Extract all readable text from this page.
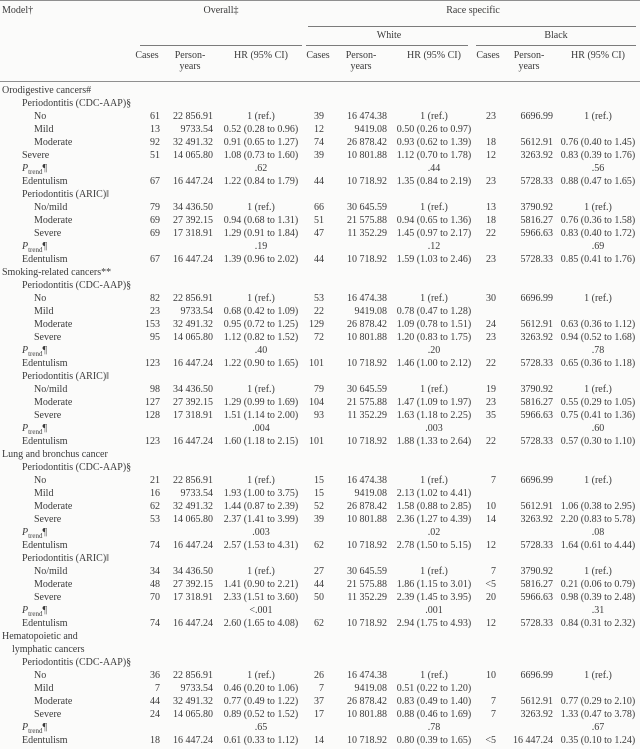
Model†	Overall‡	Race specific
White	Black
Cases	Person-years
HR (95% CI)	Cases	Person-years
HR (95% CI)	Cases	Person-years
HR (95% CI)
Orodigestive cancers#									
Periodontitis (CDC-AAP)§									
No	61	22 856.91	1 (ref.)	39	16 474.38	1 (ref.)	23	6696.99	1 (ref.)
Mild	13	9733.54	0.52 (0.28 to 0.96)	12	9419.08	0.50 (0.26 to 0.97)			
Moderate	92	32 491.32	0.91 (0.65 to 1.27)	74	26 878.42	0.93 (0.62 to 1.39)	18	5612.91	0.76 (0.40 to 1.45)
Severe	51	14 065.80	1.08 (0.73 to 1.60)	39	10 801.88	1.12 (0.70 to 1.78)	12	3263.92	0.83 (0.39 to 1.76)
$P_{trend}\P$			.62			.44			.56
Edentulism	67	16 447.24	1.22 (0.84 to 1.79)	44	10 718.92	1.35 (0.84 to 2.19)	23	5728.33	0.88 (0.47 to 1.65)
Periodontitis (ARIC)‖									
No/mild	79	34 436.50	1 (ref.)	66	30 645.59	1 (ref.)	13	3790.92	1 (ref.)
Moderate	69	27 392.15	0.94 (0.68 to 1.31)	51	21 575.88	0.94 (0.65 to 1.36)	18	5816.27	0.76 (0.36 to 1.58)
Severe	69	17 318.91	1.29 (0.91 to 1.84)	47	11 352.29	1.45 (0.97 to 2.17)	22	5966.63	0.83 (0.40 to 1.72)
$P_{trend}\P$			.19			.12			.69
Edentulism	67	16 447.24	1.39 (0.96 to 2.02)	44	10 718.92	1.59 (1.03 to 2.46)	23	5728.33	0.85 (0.41 to 1.76)
Smoking-related cancers**									
Periodontitis (CDC-AAP)§									
No	82	22 856.91	1 (ref.)	53	16 474.38	1 (ref.)	30	6696.99	1 (ref.)
Mild	23	9733.54	0.68 (0.42 to 1.09)	22	9419.08	0.78 (0.47 to 1.28)			
Moderate	153	32 491.32	0.95 (0.72 to 1.25)	129	26 878.42	1.09 (0.78 to 1.51)	24	5612.91	0.63 (0.36 to 1.12)
Severe	95	14 065.80	1.12 (0.82 to 1.52)	72	10 801.88	1.20 (0.83 to 1.75)	23	3263.92	0.94 (0.52 to 1.68)
$P_{trend}\P$			.40			.20			.78
Edentulism	123	16 447.24	1.22 (0.90 to 1.65)	101	10 718.92	1.46 (1.00 to 2.12)	22	5728.33	0.65 (0.36 to 1.18)
Periodontitis (ARIC)‖									
No/mild	98	34 436.50	1 (ref.)	79	30 645.59	1 (ref.)	19	3790.92	1 (ref.)
Moderate	127	27 392.15	1.29 (0.99 to 1.69)	104	21 575.88	1.47 (1.09 to 1.97)	23	5816.27	0.55 (0.29 to 1.05)
Severe	128	17 318.91	1.51 (1.14 to 2.00)	93	11 352.29	1.63 (1.18 to 2.25)	35	5966.63	0.75 (0.41 to 1.36)
$P_{trend}\P$			.004			.003			.60
Edentulism	123	16 447.24	1.60 (1.18 to 2.15)	101	10 718.92	1.88 (1.33 to 2.64)	22	5728.33	0.57 (0.30 to 1.10)
Lung and bronchus cancer									
Periodontitis (CDC-AAP)§									
No	21	22 856.91	1 (ref.)	15	16 474.38	1 (ref.)	7	6696.99	1 (ref.)
Mild	16	9733.54	1.93 (1.00 to 3.75)	15	9419.08	2.13 (1.02 to 4.41)			
Moderate	62	32 491.32	1.44 (0.87 to 2.39)	52	26 878.42	1.58 (0.88 to 2.85)	10	5612.91	1.06 (0.38 to 2.95)
Severe	53	14 065.80	2.37 (1.41 to 3.99)	39	10 801.88	2.36 (1.27 to 4.39)	14	3263.92	2.20 (0.83 to 5.78)
$P_{trend}\P$			.003			.02			.08
Edentulism	74	16 447.24	2.57 (1.53 to 4.31)	62	10 718.92	2.78 (1.50 to 5.15)	12	5728.33	1.64 (0.61 to 4.44)
Periodontitis (ARIC)‖									
No/mild	34	34 436.50	1 (ref.)	27	30 645.59	1 (ref.)	7	3790.92	1 (ref.)
Moderate	48	27 392.15	1.41 (0.90 to 2.21)	44	21 575.88	1.86 (1.15 to 3.01)	<5	5816.27	0.21 (0.06 to 0.79)
Severe	70	17 318.91	2.33 (1.51 to 3.60)	50	11 352.29	2.39 (1.45 to 3.95)	20	5966.63	0.98 (0.39 to 2.48)
$P_{trend}\P$			<.001			.001			.31
Edentulism	74	16 447.24	2.60 (1.65 to 4.08)	62	10 718.92	2.94 (1.75 to 4.93)	12	5728.33	0.84 (0.31 to 2.32)
Hematopoietic and									
lymphatic cancers									
Periodontitis (CDC-AAP)§									
No	36	22 856.91	1 (ref.)	26	16 474.38	1 (ref.)	10	6696.99	1 (ref.)
Mild	7	9733.54	0.46 (0.20 to 1.06)	7	9419.08	0.51 (0.22 to 1.20)			
Moderate	44	32 491.32	0.77 (0.49 to 1.22)	37	26 878.42	0.83 (0.49 to 1.40)	7	5612.91	0.77 (0.29 to 2.10)
Severe	24	14 065.80	0.89 (0.52 to 1.52)	17	10 801.88	0.88 (0.46 to 1.69)	7	3263.92	1.33 (0.47 to 3.78)
$P_{trend}\P$			.65			.78			.67
Edentulism	18	16 447.24	0.61 (0.33 to 1.12)	14	10 718.92	0.80 (0.39 to 1.65)	<5	16 447.24	0.35 (0.10 to 1.24)
